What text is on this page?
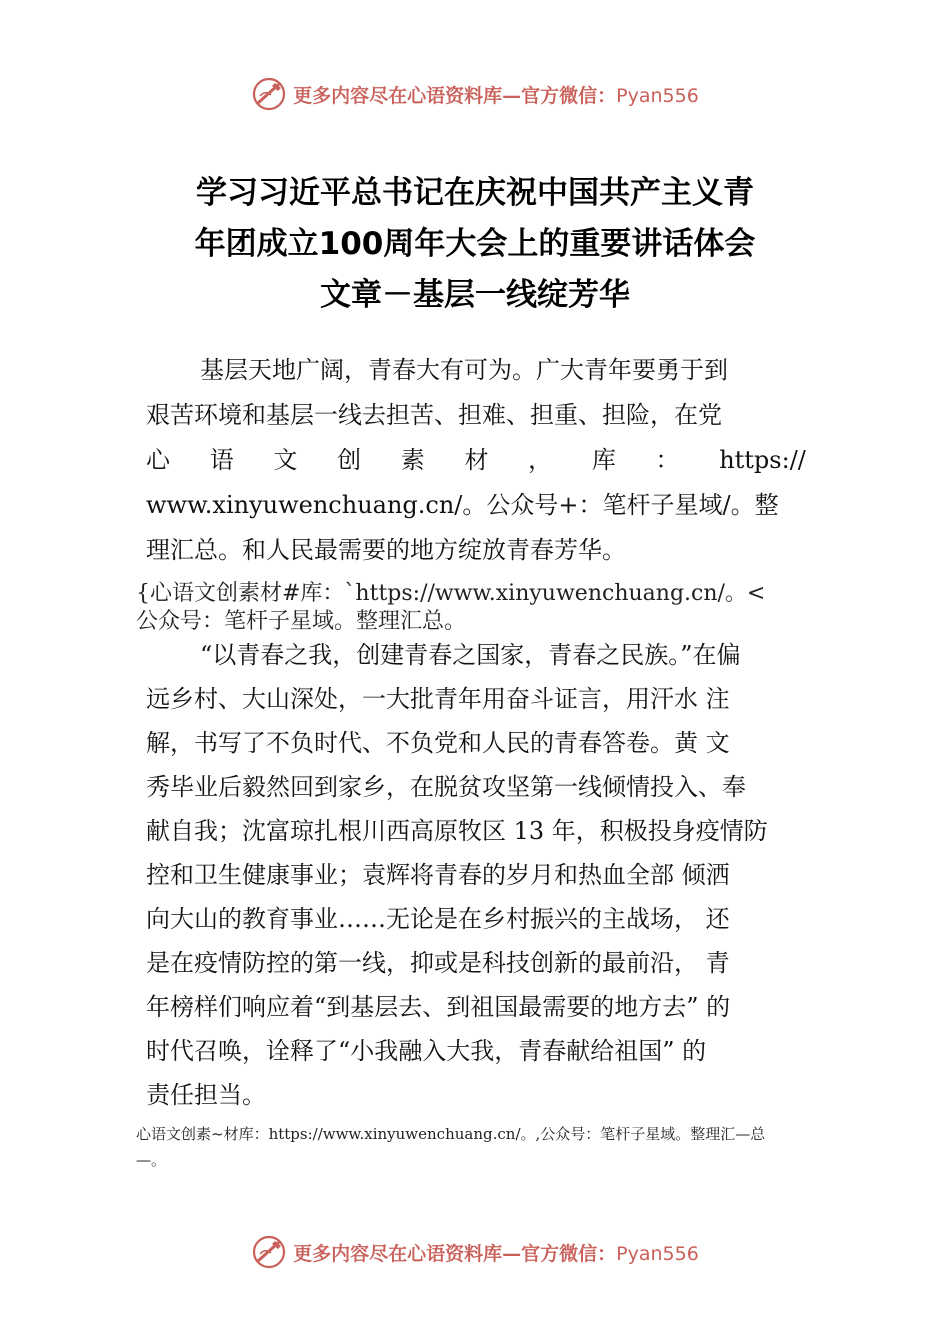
更多内容尽在心语资料库—官方微信：Pyan556
学习习近平总书记在庆祝中国共产主义青
年团成立100周年大会上的重要讲话体会
文章－基层一线绽芳华
基层天地广阔，青春大有可为。广大青年要勇于到
艰苦环境和基层一线去担苦、担难、担重、担险，在党
心 语 文 创 素 材 ， 库 ： https://
www.xinyuwenchuang.cn/。公众号+：笔杆子星域/。整
理汇总。和人民最需要的地方绽放青春芳华。
{心语文创素材#库：`https://www.xinyuwenchuang.cn/。<
公众号：笔杆子星域。整理汇总。
“以青春之我，创建青春之国家，青春之民族。”在偏
远乡村、大山深处，一大批青年用奋斗证言，用汗水 注
解，书写了不负时代、不负党和人民的青春答卷。黄 文
秀毕业后毅然回到家乡，在脱贫攻坚第一线倾情投入、奉
献自我；沈富琼扎根川西高原牧区 13 年，积极投身疫情防
控和卫生健康事业；袁辉将青春的岁月和热血全部 倾洒
向大山的教育事业……无论是在乡村振兴的主战场， 还
是在疫情防控的第一线，抑或是科技创新的最前沿， 青
年榜样们响应着“到基层去、到祖国最需要的地方去” 的
时代召唤，诠释了“小我融入大我，青春献给祖国” 的
责任担当。
心语文创素~材库：https://www.xinyuwenchuang.cn/。,公众号：笔杆子星域。整理汇—总
—。
更多内容尽在心语资料库—官方微信：Pyan556
